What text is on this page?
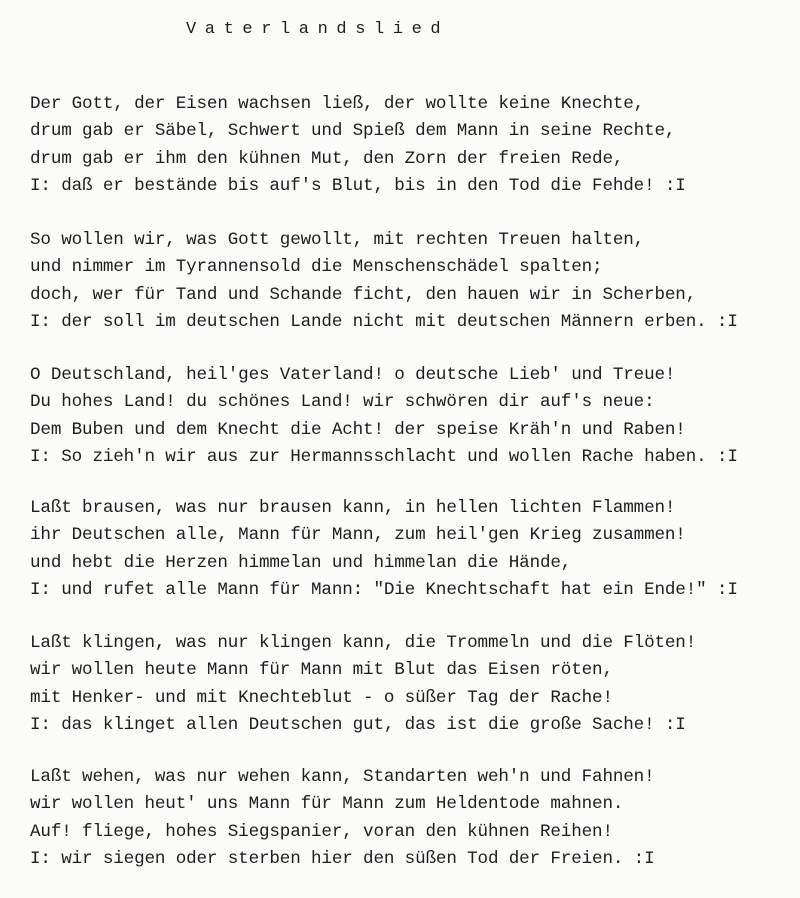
Vaterlandslied
Der Gott, der Eisen wachsen ließ, der wollte keine Knechte,
drum gab er Säbel, Schwert und Spieß dem Mann in seine Rechte,
drum gab er ihm den kühnen Mut, den Zorn der freien Rede,
I: daß er bestände bis auf's Blut, bis in den Tod die Fehde! :I
So wollen wir, was Gott gewollt, mit rechten Treuen halten,
und nimmer im Tyrannensold die Menschenschädel spalten;
doch, wer für Tand und Schande ficht, den hauen wir in Scherben,
I: der soll im deutschen Lande nicht mit deutschen Männern erben. :I
O Deutschland, heil'ges Vaterland! o deutsche Lieb' und Treue!
Du hohes Land! du schönes Land! wir schwören dir auf's neue:
Dem Buben und dem Knecht die Acht! der speise Kräh'n und Raben!
I: So zieh'n wir aus zur Hermannsschlacht und wollen Rache haben. :I
Laßt brausen, was nur brausen kann, in hellen lichten Flammen!
ihr Deutschen alle, Mann für Mann, zum heil'gen Krieg zusammen!
und hebt die Herzen himmelan und himmelan die Hände,
I: und rufet alle Mann für Mann: "Die Knechtschaft hat ein Ende!" :I
Laßt klingen, was nur klingen kann, die Trommeln und die Flöten!
wir wollen heute Mann für Mann mit Blut das Eisen röten,
mit Henker- und mit Knechteblut - o süßer Tag der Rache!
I: das klinget allen Deutschen gut, das ist die große Sache! :I
Laßt wehen, was nur wehen kann, Standarten weh'n und Fahnen!
wir wollen heut' uns Mann für Mann zum Heldentode mahnen.
Auf! fliege, hohes Siegspanier, voran den kühnen Reihen!
I: wir siegen oder sterben hier den süßen Tod der Freien. :I
